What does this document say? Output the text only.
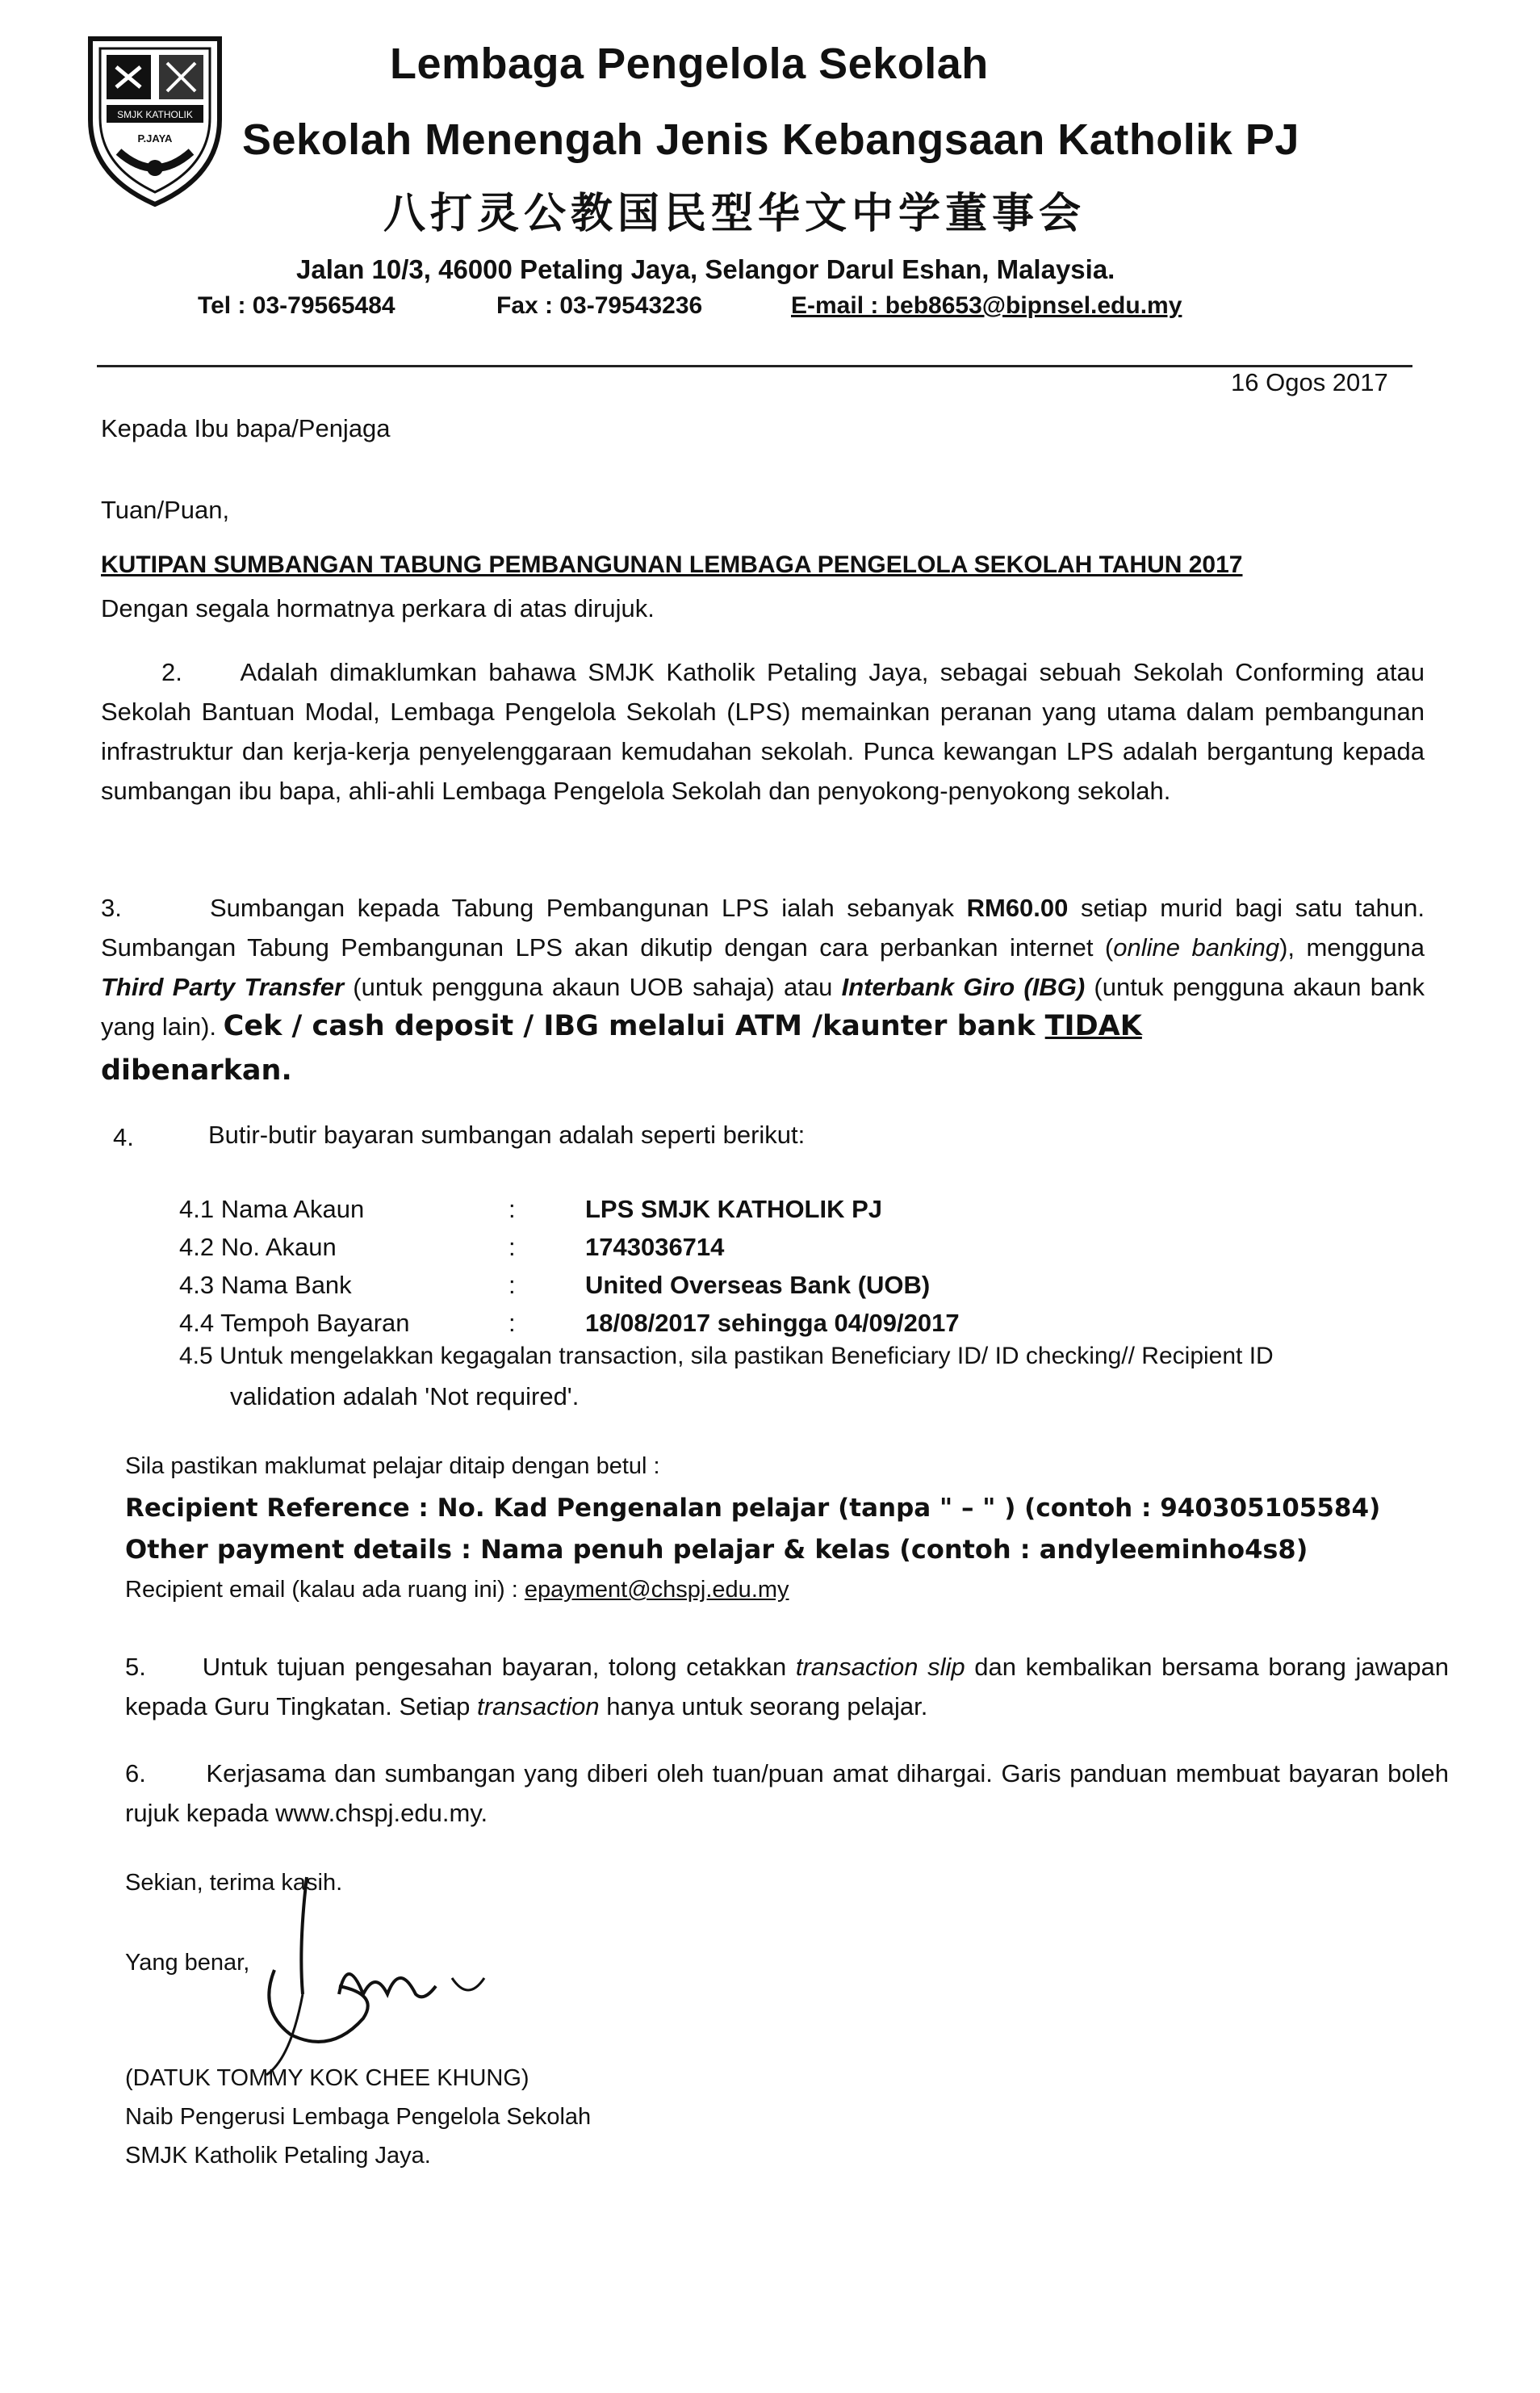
SMJK KATHOLIK
P.JAYA
Lembaga Pengelola Sekolah
Sekolah Menengah Jenis Kebangsaan Katholik PJ
八打灵公教国民型华文中学董事会
Jalan 10/3, 46000 Petaling Jaya, Selangor Darul Eshan, Malaysia.
Tel : 03-79565484	Fax : 03-79543236	E-mail : beb8653@bipnsel.edu.my
16 Ogos 2017
Kepada Ibu bapa/Penjaga
Tuan/Puan,
KUTIPAN SUMBANGAN TABUNG PEMBANGUNAN LEMBAGA PENGELOLA SEKOLAH TAHUN 2017
Dengan segala hormatnya perkara di atas dirujuk.
2. Adalah dimaklumkan bahawa SMJK Katholik Petaling Jaya, sebagai sebuah Sekolah Conforming atau Sekolah Bantuan Modal, Lembaga Pengelola Sekolah (LPS) memainkan peranan yang utama dalam pembangunan infrastruktur dan kerja-kerja penyelenggaraan kemudahan sekolah. Punca kewangan LPS adalah bergantung kepada sumbangan ibu bapa, ahli-ahli Lembaga Pengelola Sekolah dan penyokong-penyokong sekolah.
3.	Sumbangan kepada Tabung Pembangunan LPS ialah sebanyak RM60.00 setiap murid bagi satu tahun. Sumbangan Tabung Pembangunan LPS akan dikutip dengan cara perbankan internet (online banking), mengguna Third Party Transfer (untuk pengguna akaun UOB sahaja) atau Interbank Giro (IBG) (untuk pengguna akaun bank yang lain). Cek / cash deposit / IBG melalui ATM /kaunter bank TIDAK
dibenarkan.
4.	Butir-butir bayaran sumbangan adalah seperti berikut:
4.1 Nama Akaun	:	LPS SMJK KATHOLIK PJ
4.2 No. Akaun	:	1743036714
4.3 Nama Bank	:	United Overseas Bank (UOB)
4.4 Tempoh Bayaran	:	18/08/2017 sehingga 04/09/2017
4.5 Untuk mengelakkan kegagalan transaction, sila pastikan Beneficiary ID/ ID checking// Recipient ID
validation adalah 'Not required'.
Sila pastikan maklumat pelajar ditaip dengan betul :
Recipient Reference : No. Kad Pengenalan pelajar (tanpa " – " ) (contoh : 940305105584)
Other payment details : Nama penuh pelajar & kelas (contoh : andyleeminho4s8)
Recipient email (kalau ada ruang ini) : epayment@chspj.edu.my
5. Untuk tujuan pengesahan bayaran, tolong cetakkan transaction slip dan kembalikan bersama borang jawapan kepada Guru Tingkatan. Setiap transaction hanya untuk seorang pelajar.
6. Kerjasama dan sumbangan yang diberi oleh tuan/puan amat dihargai. Garis panduan membuat bayaran boleh rujuk kepada www.chspj.edu.my.
Sekian, terima kasih.
Yang benar,
(DATUK TOMMY KOK CHEE KHUNG)
Naib Pengerusi Lembaga Pengelola Sekolah
SMJK Katholik Petaling Jaya.
